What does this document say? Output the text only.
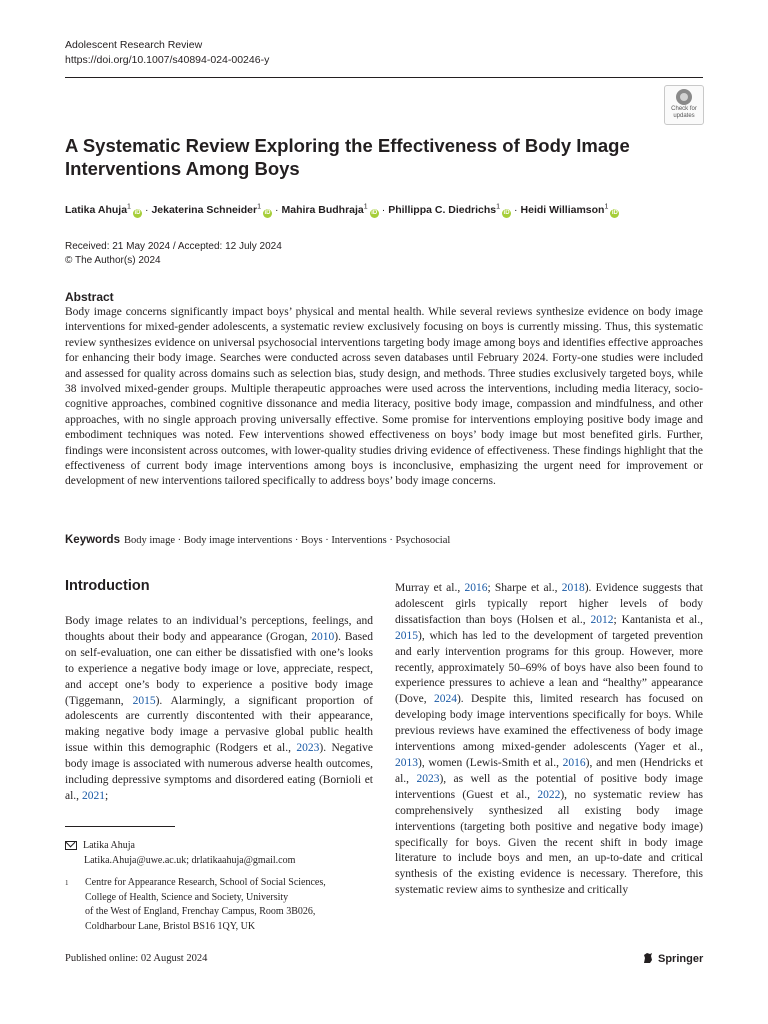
Adolescent Research Review
https://doi.org/10.1007/s40894-024-00246-y
Check for updates
A Systematic Review Exploring the Effectiveness of Body Image Interventions Among Boys
Latika Ahuja$^1$iD · Jekaterina Schneider$^1$iD · Mahira Budhraja$^1$iD · Phillippa C. Diedrichs$^1$iD · Heidi Williamson$^1$iD
Received: 21 May 2024 / Accepted: 12 July 2024
© The Author(s) 2024
Abstract
Body image concerns significantly impact boys’ physical and mental health. While several reviews synthesize evidence on body image interventions for mixed-gender adolescents, a systematic review exclusively focusing on boys is currently missing. Thus, this systematic review synthesizes evidence on universal psychosocial interventions targeting body image among boys and identifies effective approaches for enhancing their body image. Searches were conducted across seven databases until February 2024. Forty-one studies were included and assessed for quality across domains such as selection bias, study design, and methods. Three studies exclusively targeted boys, while 38 involved mixed-gender groups. Multiple therapeutic approaches were used across the interventions, including media literacy, socio-cognitive approaches, combined cognitive dissonance and media literacy, positive body image, compassion and mindfulness, and other approaches, with no single approach proving universally effective. Some promise for interventions employing positive body image and embodiment techniques was noted. Few interventions showed effectiveness on boys’ body image but most benefited girls. Further, findings were inconsistent across outcomes, with lower-quality studies driving evidence of effectiveness. These findings highlight that the effectiveness of current body image interventions among boys is inconclusive, emphasizing the urgent need for improvement or development of new interventions tailored specifically to address boys’ body image concerns.
Keywords Body image · Body image interventions · Boys · Interventions · Psychosocial
Introduction
Body image relates to an individual’s perceptions, feelings, and thoughts about their body and appearance (Grogan, 2010). Based on self-evaluation, one can either be dissatisfied with one’s looks to experience a negative body image or love, appreciate, respect, and accept one’s body to experience a positive body image (Tiggemann, 2015). Alarmingly, a significant proportion of adolescents are currently discontented with their appearance, making negative body image a pervasive global public health issue within this demographic (Rodgers et al., 2023). Negative body image is associated with numerous adverse health outcomes, including depressive symptoms and disordered eating (Bornioli et al., 2021;
Murray et al., 2016; Sharpe et al., 2018). Evidence suggests that adolescent girls typically report higher levels of body dissatisfaction than boys (Holsen et al., 2012; Kantanista et al., 2015), which has led to the development of targeted prevention and early intervention programs for this group. However, more recently, approximately 50–69% of boys have also been found to experience pressures to achieve a lean and “healthy” appearance (Dove, 2024). Despite this, limited research has focused on developing body image interventions specifically for boys. While previous reviews have examined the effectiveness of body image interventions among mixed-gender adolescents (Yager et al., 2013), women (Lewis-Smith et al., 2016), and men (Hendricks et al., 2023), as well as the potential of positive body image interventions (Guest et al., 2022), no systematic review has comprehensively synthesized all existing body image interventions (targeting both positive and negative body image) specifically for boys. Given the recent shift in body image literature to include boys and men, an up-to-date and critical synthesis of the existing evidence is necessary. Therefore, this systematic review aims to synthesize and critically
Latika Ahuja
Latika.Ahuja@uwe.ac.uk; drlatikaahuja@gmail.com
1 Centre for Appearance Research, School of Social Sciences,
College of Health, Science and Society, University
of the West of England, Frenchay Campus, Room 3B026,
Coldharbour Lane, Bristol BS16 1QY, UK
Published online: 02 August 2024	Springer
